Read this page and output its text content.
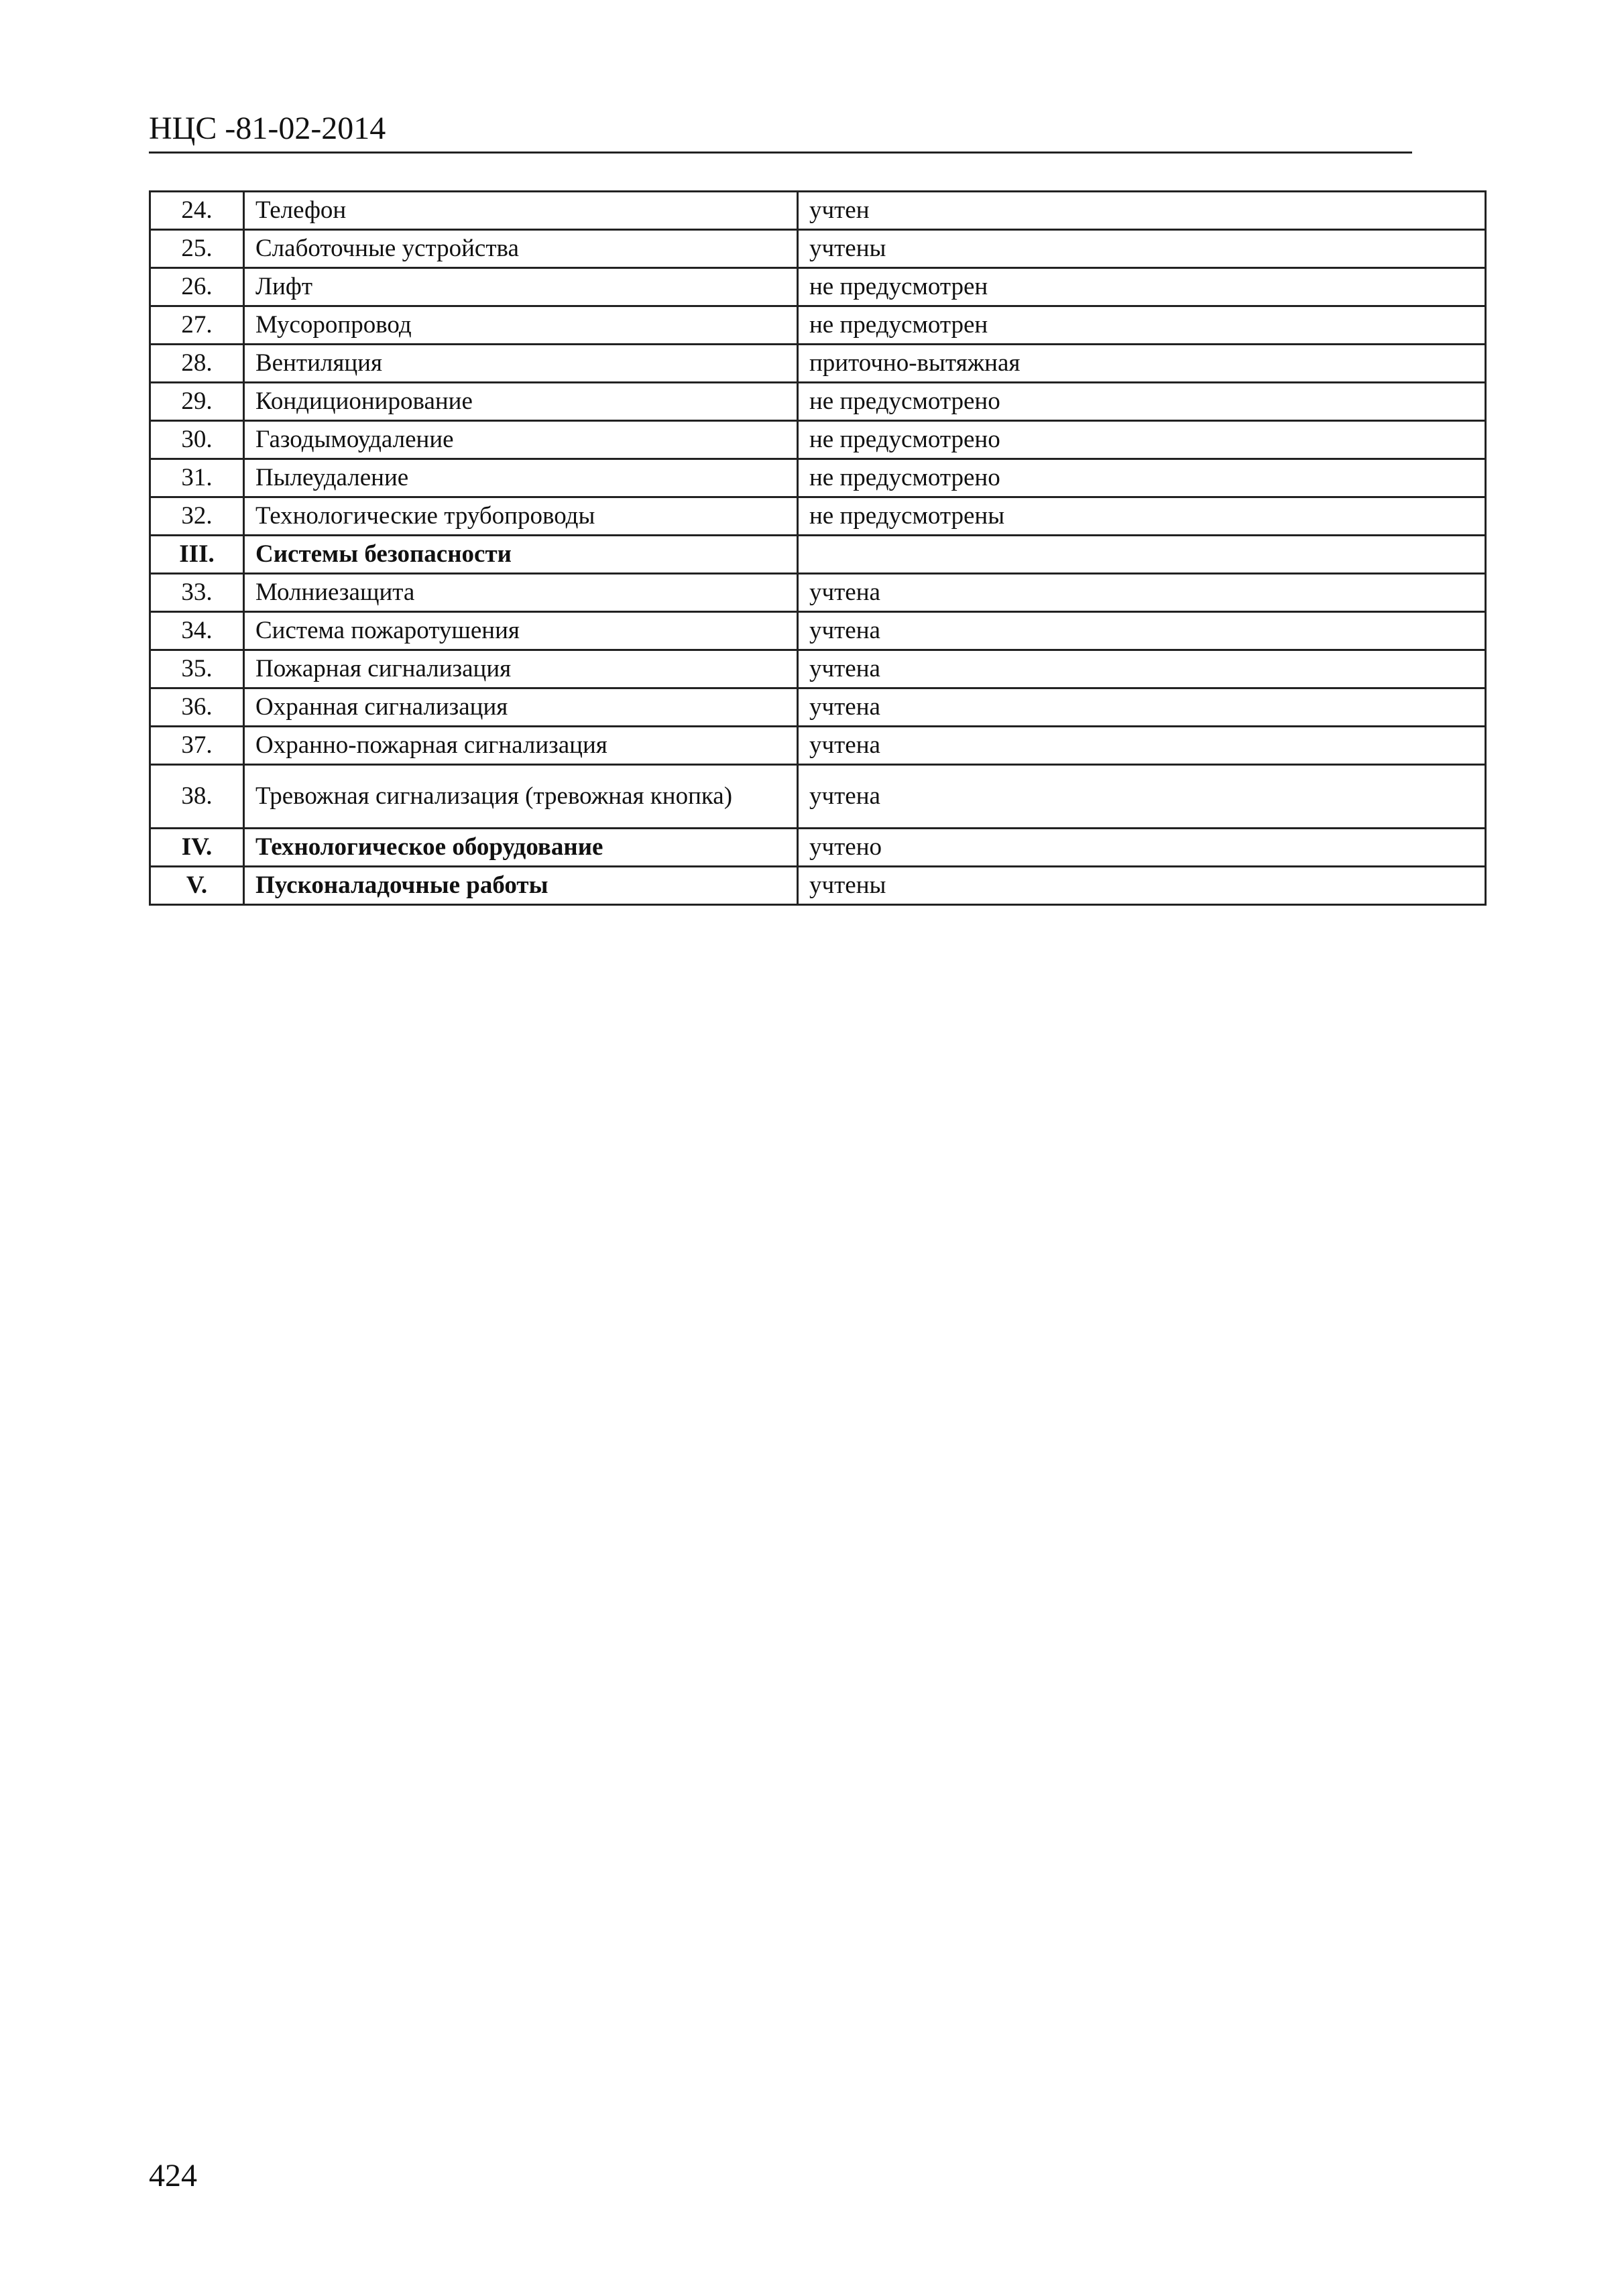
НЦС -81-02-2014
24.	Телефон	учтен
25.	Слаботочные устройства	учтены
26.	Лифт	не предусмотрен
27.	Мусоропровод	не предусмотрен
28.	Вентиляция	приточно-вытяжная
29.	Кондиционирование	не предусмотрено
30.	Газодымоудаление	не предусмотрено
31.	Пылеудаление	не предусмотрено
32.	Технологические трубопроводы	не предусмотрены
III.	Системы безопасности	
33.	Молниезащита	учтена
34.	Система пожаротушения	учтена
35.	Пожарная сигнализация	учтена
36.	Охранная сигнализация	учтена
37.	Охранно-пожарная сигнализация	учтена
38.	Тревожная сигнализация (тревожная кнопка)	учтена
IV.	Технологическое оборудование	учтено
V.	Пусконаладочные работы	учтены
424
